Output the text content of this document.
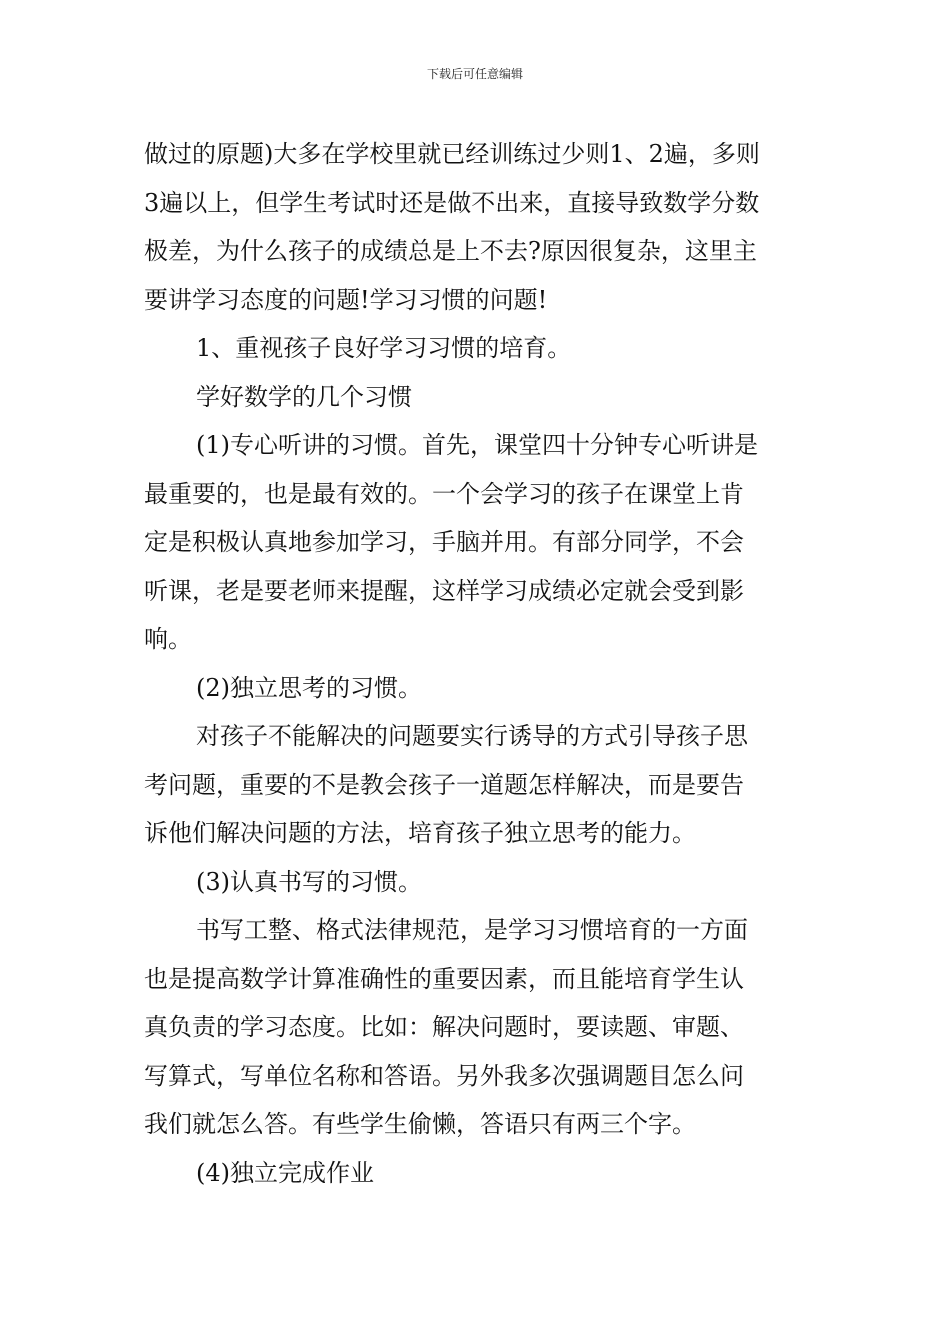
下载后可任意编辑
做过的原题)大多在学校里就已经训练过少则1、2遍，多则
3遍以上，但学生考试时还是做不出来，直接导致数学分数
极差，为什么孩子的成绩总是上不去?原因很复杂，这里主
要讲学习态度的问题!学习习惯的问题!
1、重视孩子良好学习习惯的培育。
学好数学的几个习惯
(1)专心听讲的习惯。首先，课堂四十分钟专心听讲是
最重要的，也是最有效的。一个会学习的孩子在课堂上肯
定是积极认真地参加学习，手脑并用。有部分同学，不会
听课，老是要老师来提醒，这样学习成绩必定就会受到影
响。
(2)独立思考的习惯。
对孩子不能解决的问题要实行诱导的方式引导孩子思
考问题，重要的不是教会孩子一道题怎样解决，而是要告
诉他们解决问题的方法，培育孩子独立思考的能力。
(3)认真书写的习惯。
书写工整、格式法律规范，是学习习惯培育的一方面
也是提高数学计算准确性的重要因素，而且能培育学生认
真负责的学习态度。比如：解决问题时，要读题、审题、
写算式，写单位名称和答语。另外我多次强调题目怎么问
我们就怎么答。有些学生偷懒，答语只有两三个字。
(4)独立完成作业
